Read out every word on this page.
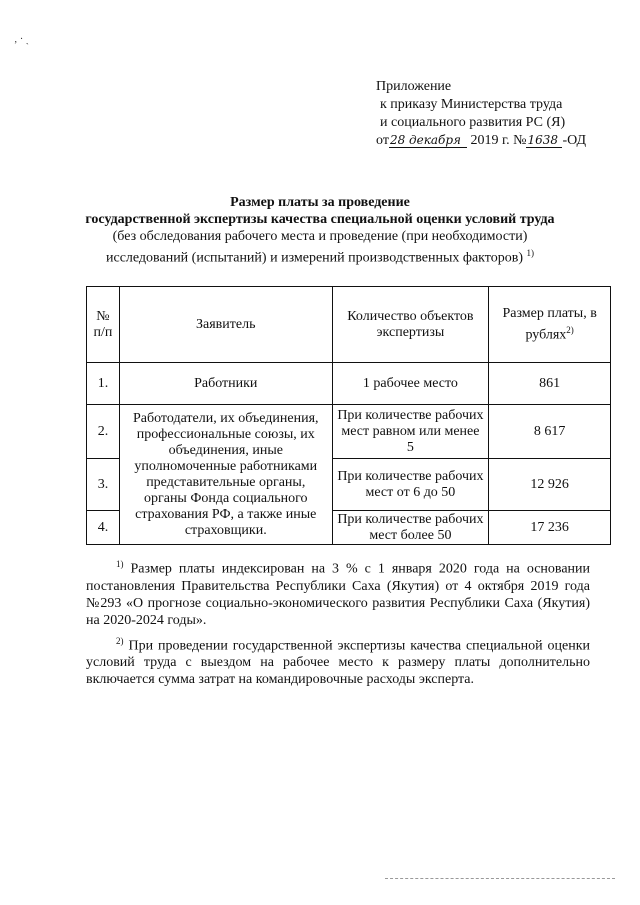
‚ · ˎ
Приложение
к приказу Министерства труда
и социального развития РС (Я)
от28 декабря 2019 г. №1638 -ОД
Размер платы за проведение
государственной экспертизы качества специальной оценки условий труда
(без обследования рабочего места и проведение (при необходимости)
исследований (испытаний) и измерений производственных факторов) $^{1)}$
№ п/п	Заявитель	Количество объектов экспертизы	Размер платы, в рублях$^{2)}$
1.	Работники	1 рабочее место	861
2.	Работодатели, их объединения, профессиональные союзы, их объединения, иные уполномоченные работниками представительные органы, органы Фонда социального страхования РФ, а также иные страховщики.	При количестве рабочих мест равном или менее 5	8 617
3.		При количестве рабочих мест от 6 до 50	12 926
4.		При количестве рабочих мест более 50	17 236

$^{1)}$ Размер платы индексирован на 3 % с 1 января 2020 года на основании постановления Правительства Республики Саха (Якутия) от 4 октября 2019 года №293 «О прогнозе социально-экономического развития Республики Саха (Якутия) на 2020-2024 годы».

$^{2)}$ При проведении государственной экспертизы качества специальной оценки условий труда с выездом на рабочее место к размеру платы дополнительно включается сумма затрат на командировочные расходы эксперта.
